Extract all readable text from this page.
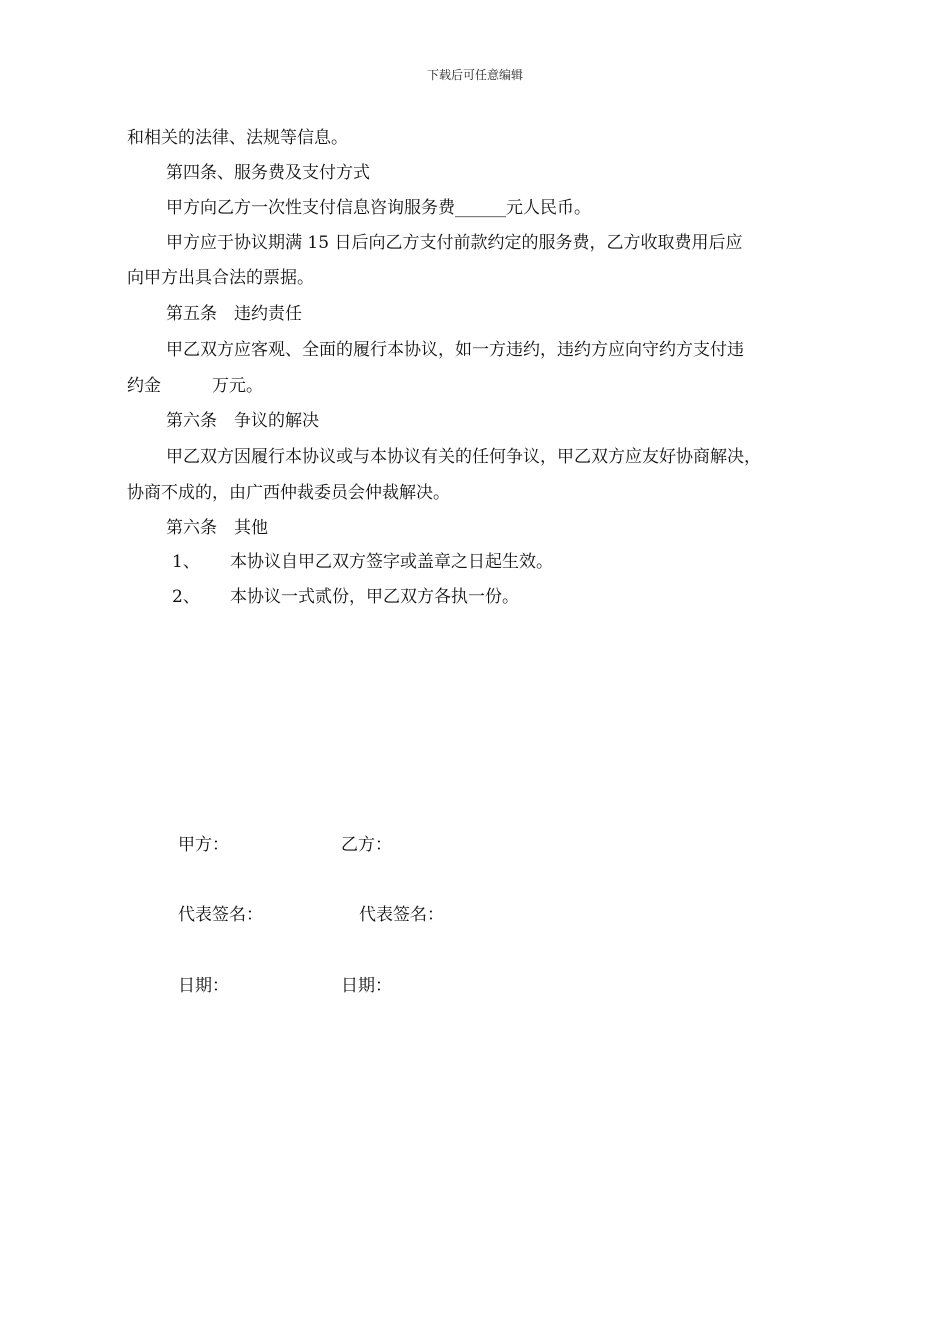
下载后可任意编辑
和相关的法律、法规等信息。
第四条、服务费及支付方式
甲方向乙方一次性支付信息咨询服务费______元人民币。
甲方应于协议期满 15 日后向乙方支付前款约定的服务费，乙方收取费用后应
向甲方出具合法的票据。
第五条　违约责任
甲乙双方应客观、全面的履行本协议，如一方违约，违约方应向守约方支付违
约金　　　万元。
第六条　争议的解决
甲乙双方因履行本协议或与本协议有关的任何争议，甲乙双方应友好协商解决，
协商不成的，由广西仲裁委员会仲裁解决。
第六条　其他
1、 本协议自甲乙双方签字或盖章之日起生效。
2、 本协议一式贰份，甲乙双方各执一份。
甲方：	乙方：
代表签名：	代表签名：
日期：	日期：
